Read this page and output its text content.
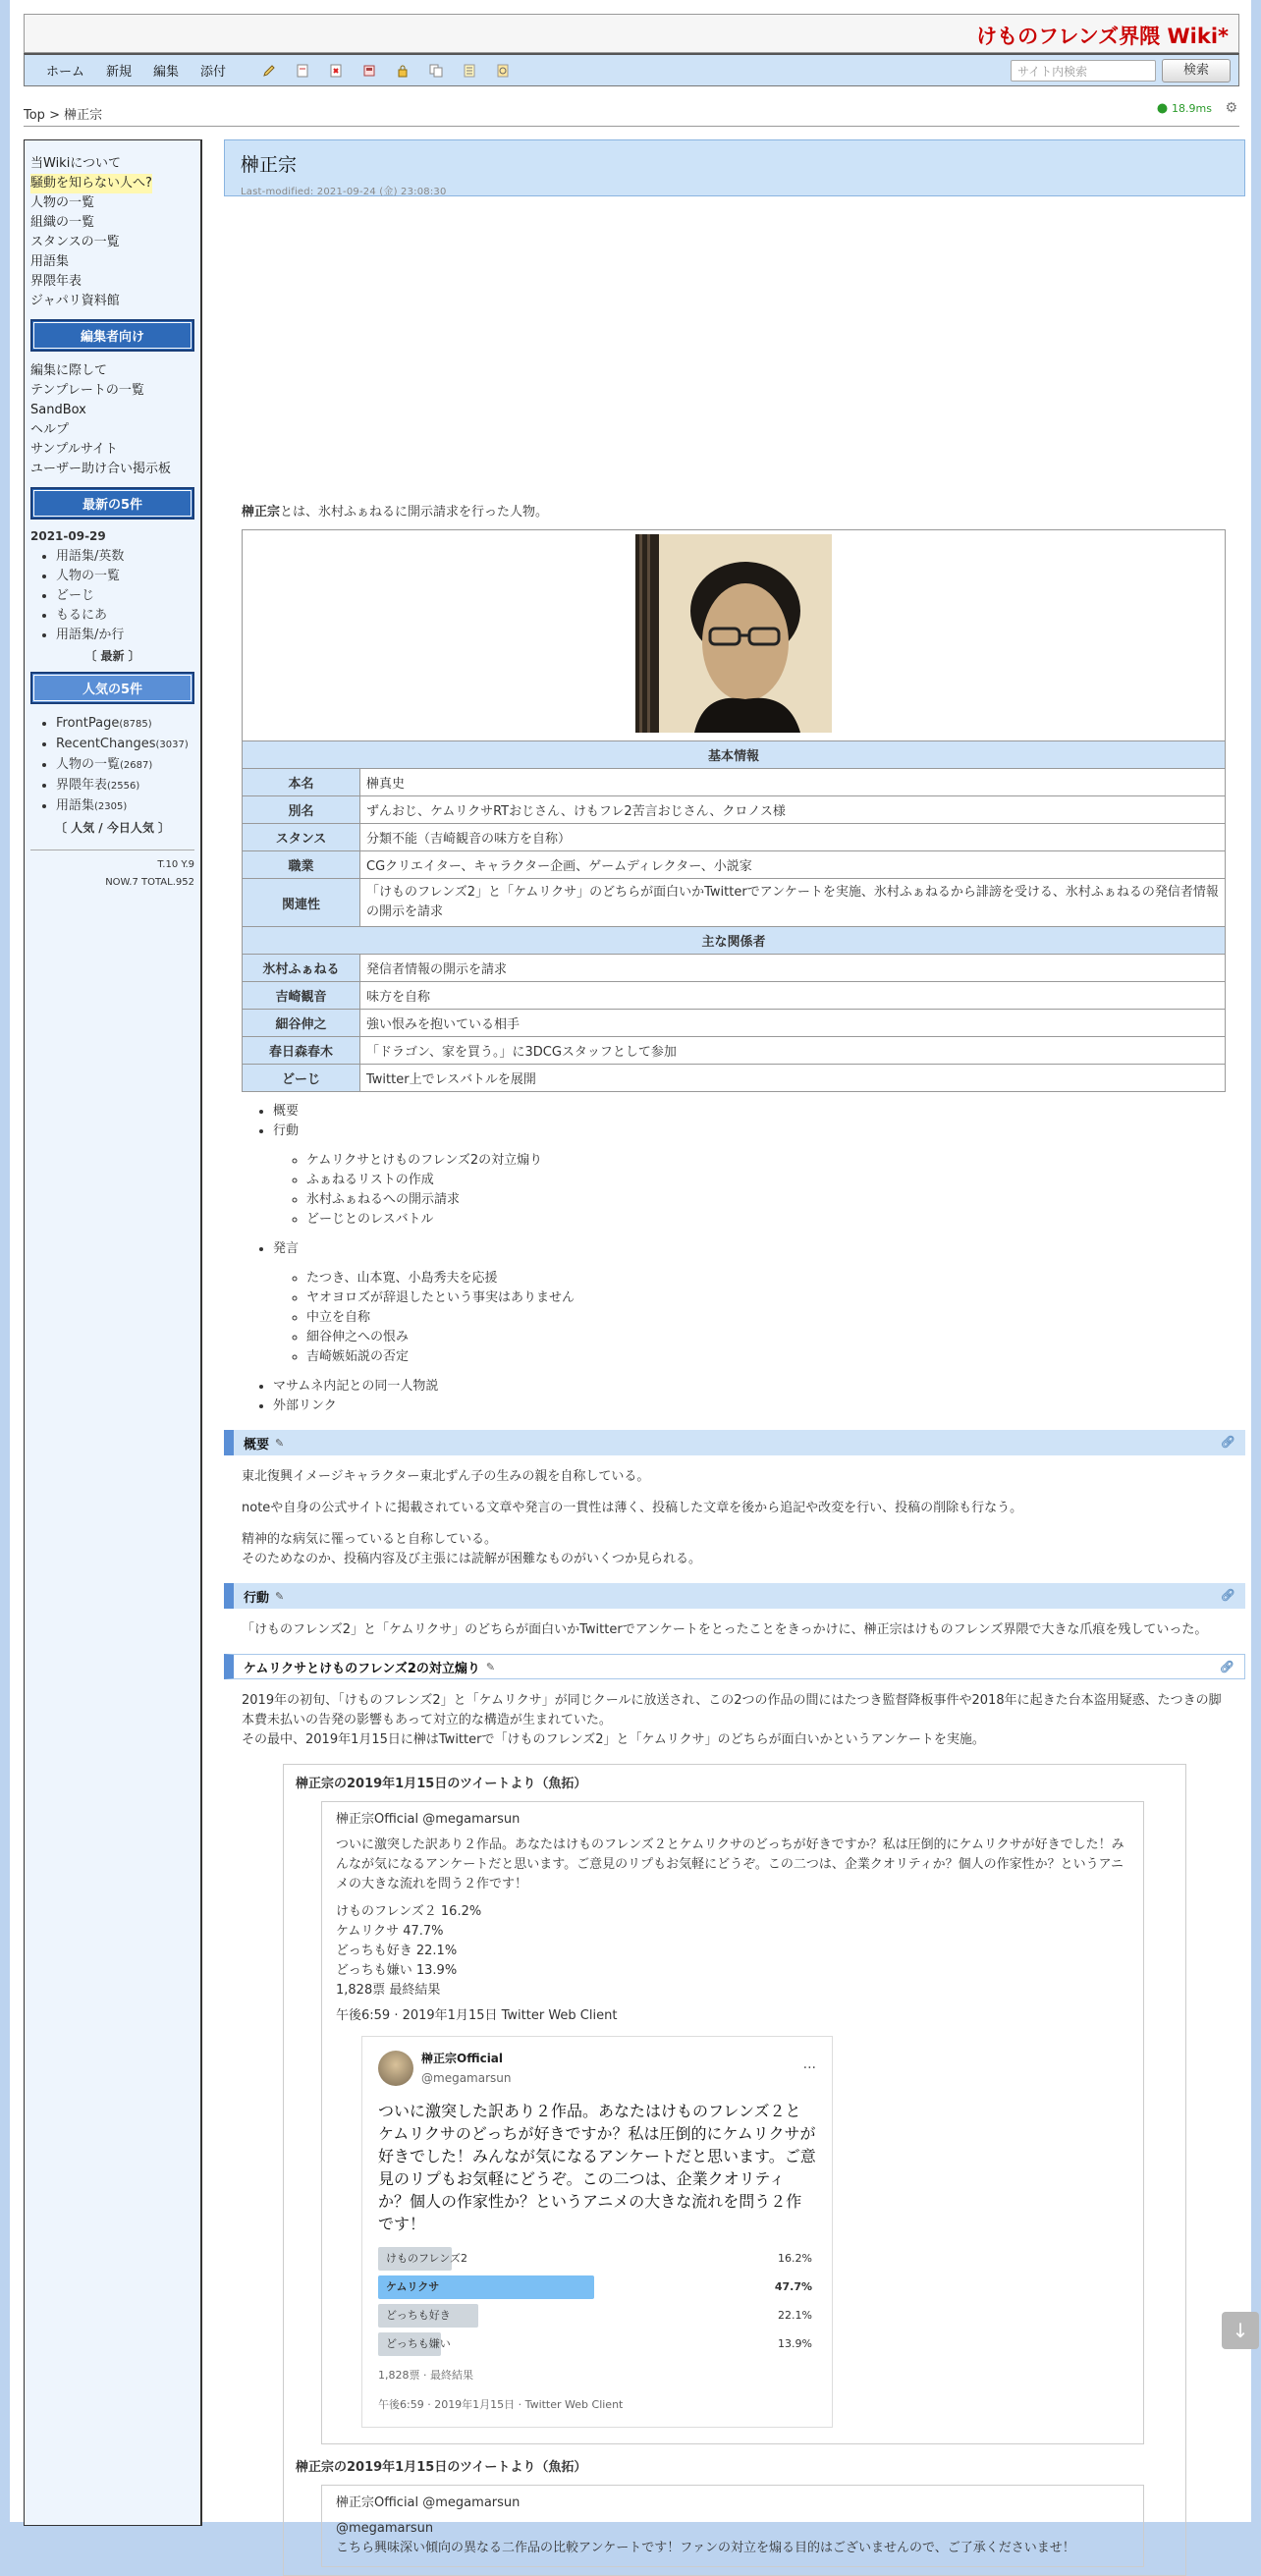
けものフレンズ界隈 Wiki*
ホーム 新規 編集 添付	サイト内検索	検索
Top > 榊正宗	18.9ms ⚙
当Wikiについて
騒動を知らない人へ?
人物の一覧
組織の一覧
スタンスの一覧
用語集
界隈年表
ジャパリ資料館
編集者向け
編集に際して
テンプレートの一覧
SandBox
ヘルプ
サンプルサイト
ユーザー助け合い掲示板
最新の5件
2021-09-29
• 用語集/英数
• 人物の一覧
• どーじ
• もるにあ
• 用語集/か行
〔 最新 〕
人気の5件
• FrontPage(8785)
• RecentChanges(3037)
• 人物の一覧(2687)
• 界隈年表(2556)
• 用語集(2305)
〔 人気 / 今日人気 〕
T.10 Y.9
NOW.7 TOTAL.952
榊正宗
Last-modified: 2021-09-24 (金) 23:08:30
榊正宗とは、氷村ふぁねるに開示請求を行った人物。

基本情報	
本名	榊真史
別名	ずんおじ、ケムリクサRTおじさん、けもフレ2苦言おじさん、クロノス様
スタンス	分類不能（吉崎観音の味方を自称）
職業	CGクリエイター、キャラクター企画、ゲームディレクター、小説家
関連性	「けものフレンズ2」と「ケムリクサ」のどちらが面白いかTwitterでアンケートを実施、氷村ふぁねるから誹謗を受ける、氷村ふぁねるの発信者情報の開示を請求
主な関係者	
氷村ふぁねる	発信者情報の開示を請求
吉崎観音	味方を自称
細谷伸之	強い恨みを抱いている相手
春日森春木	「ドラゴン、家を買う。」に3DCGスタッフとして参加
どーじ	Twitter上でレスバトルを展開
• 概要
• 行動
◦ ケムリクサとけものフレンズ2の対立煽り
◦ ふぁねるリストの作成
◦ 氷村ふぁねるへの開示請求
◦ どーじとのレスバトル
• 発言
◦ たつき、山本寛、小島秀夫を応援
◦ ヤオヨロズが辞退したという事実はありません
◦ 中立を自称
◦ 細谷伸之への恨み
◦ 吉崎嫉妬説の否定
• マサムネ内記との同一人物説
• 外部リンク
概要 ✎	🔗︎
東北復興イメージキャラクター東北ずん子の生みの親を自称している。
noteや自身の公式サイトに掲載されている文章や発言の一貫性は薄く、投稿した文章を後から追記や改変を行い、投稿の削除も行なう。
精神的な病気に罹っていると自称している。
そのためなのか、投稿内容及び主張には読解が困難なものがいくつか見られる。
行動 ✎	🔗︎
「けものフレンズ2」と「ケムリクサ」のどちらが面白いかTwitterでアンケートをとったことをきっかけに、榊正宗はけものフレンズ界隈で大きな爪痕を残していった。
ケムリクサとけものフレンズ2の対立煽り ✎	🔗︎
2019年の初旬、「けものフレンズ2」と「ケムリクサ」が同じクールに放送され、この2つの作品の間にはたつき監督降板事件や2018年に起きた台本盗用疑惑、たつきの脚本費未払いの告発の影響もあって対立的な構造が生まれていた。
その最中、2019年1月15日に榊はTwitterで「けものフレンズ2」と「ケムリクサ」のどちらが面白いかというアンケートを実施。
榊正宗の2019年1月15日のツイートより（魚拓）
榊正宗Official @megamarsun
ついに激突した訳あり２作品。あなたはけものフレンズ２とケムリクサのどっちが好きですか？私は圧倒的にケムリクサが好きでした！みんなが気になるアンケートだと思います。ご意見のリプもお気軽にどうぞ。この二つは、企業クオリティか？個人の作家性か？というアニメの大きな流れを問う２作です！
けものフレンズ２ 16.2%
ケムリクサ 47.7%
どっちも好き 22.1%
どっちも嫌い 13.9%
1,828票 最終結果
午後6:59 · 2019年1月15日 Twitter Web Client
榊正宗Official
@megamarsun
···
ついに激突した訳あり２作品。あなたはけものフレンズ２とケムリクサのどっちが好きですか？私は圧倒的にケムリクサが好きでした！みんなが気になるアンケートだと思います。ご意見のリプもお気軽にどうぞ。この二つは、企業クオリティか？個人の作家性か？というアニメの大きな流れを問う２作です！
けものフレンズ2	16.2%
ケムリクサ	47.7%
どっちも好き	22.1%
どっちも嫌い	13.9%
1,828票 · 最終結果
午後6:59 · 2019年1月15日 · Twitter Web Client
榊正宗の2019年1月15日のツイートより（魚拓）
榊正宗Official @megamarsun
@megamarsun
こちら興味深い傾向の異なる二作品の比較アンケートです！ファンの対立を煽る目的はございませんので、ご了承くださいませ！
↓
